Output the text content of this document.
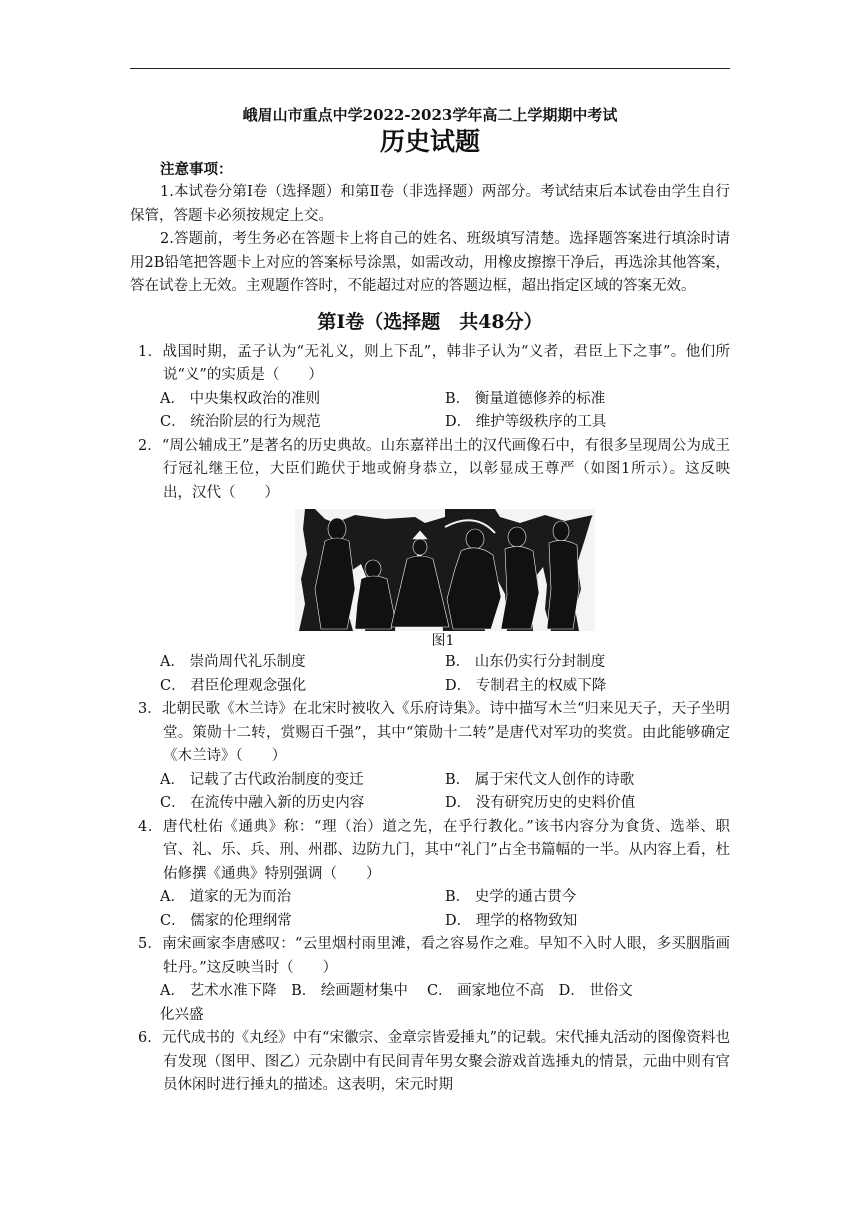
峨眉山市重点中学2022-2023学年高二上学期期中考试
历史试题
注意事项：

1.本试卷分第Ⅰ卷（选择题）和第Ⅱ卷（非选择题）两部分。考试结束后本试卷由学生自行保管，答题卡必须按规定上交。

2.答题前，考生务必在答题卡上将自己的姓名、班级填写清楚。选择题答案进行填涂时请用2B铅笔把答题卡上对应的答案标号涂黑，如需改动，用橡皮擦擦干净后，再选涂其他答案，答在试卷上无效。主观题作答时，不能超过对应的答题边框，超出指定区域的答案无效。

第Ⅰ卷（选择题　共48分）
1．战国时期，孟子认为“无礼义，则上下乱”，韩非子认为“义者，君臣上下之事”。他们所说“义”的实质是（　　）
A． 中央集权政治的准则	B． 衡量道德修养的标准
C． 统治阶层的行为规范	D． 维护等级秩序的工具
2．“周公辅成王”是著名的历史典故。山东嘉祥出土的汉代画像石中，有很多呈现周公为成王行冠礼继王位，大臣们跪伏于地或俯身恭立，以彰显成王尊严（如图1所示）。这反映出，汉代（　　）
图1
A． 崇尚周代礼乐制度	B． 山东仍实行分封制度
C． 君臣伦理观念强化	D． 专制君主的权威下降
3．北朝民歌《木兰诗》在北宋时被收入《乐府诗集》。诗中描写木兰“归来见天子，天子坐明堂。策勋十二转，赏赐百千强”，其中“策勋十二转”是唐代对军功的奖赏。由此能够确定《木兰诗》（　　）
A． 记载了古代政治制度的变迁	B． 属于宋代文人创作的诗歌
C． 在流传中融入新的历史内容	D． 没有研究历史的史料价值
4．唐代杜佑《通典》称：“理（治）道之先，在乎行教化。”该书内容分为食货、选举、职官、礼、乐、兵、刑、州郡、边防九门，其中“礼门”占全书篇幅的一半。从内容上看，杜佑修撰《通典》特别强调（　　）
A． 道家的无为而治	B． 史学的通古贯今
C． 儒家的伦理纲常	D． 理学的格物致知
5．南宋画家李唐感叹：“云里烟村雨里滩，看之容易作之难。早知不入时人眼，多买胭脂画牡丹。”这反映当时（　　）
A． 艺术水准下降　B． 绘画题材集中　 C． 画家地位不高　D． 世俗文
化兴盛
6．元代成书的《丸经》中有“宋徽宗、金章宗皆爱捶丸”的记载。宋代捶丸活动的图像资料也有发现（图甲、图乙）元杂剧中有民间青年男女聚会游戏首选捶丸的情景，元曲中则有官员休闲时进行捶丸的描述。这表明，宋元时期
